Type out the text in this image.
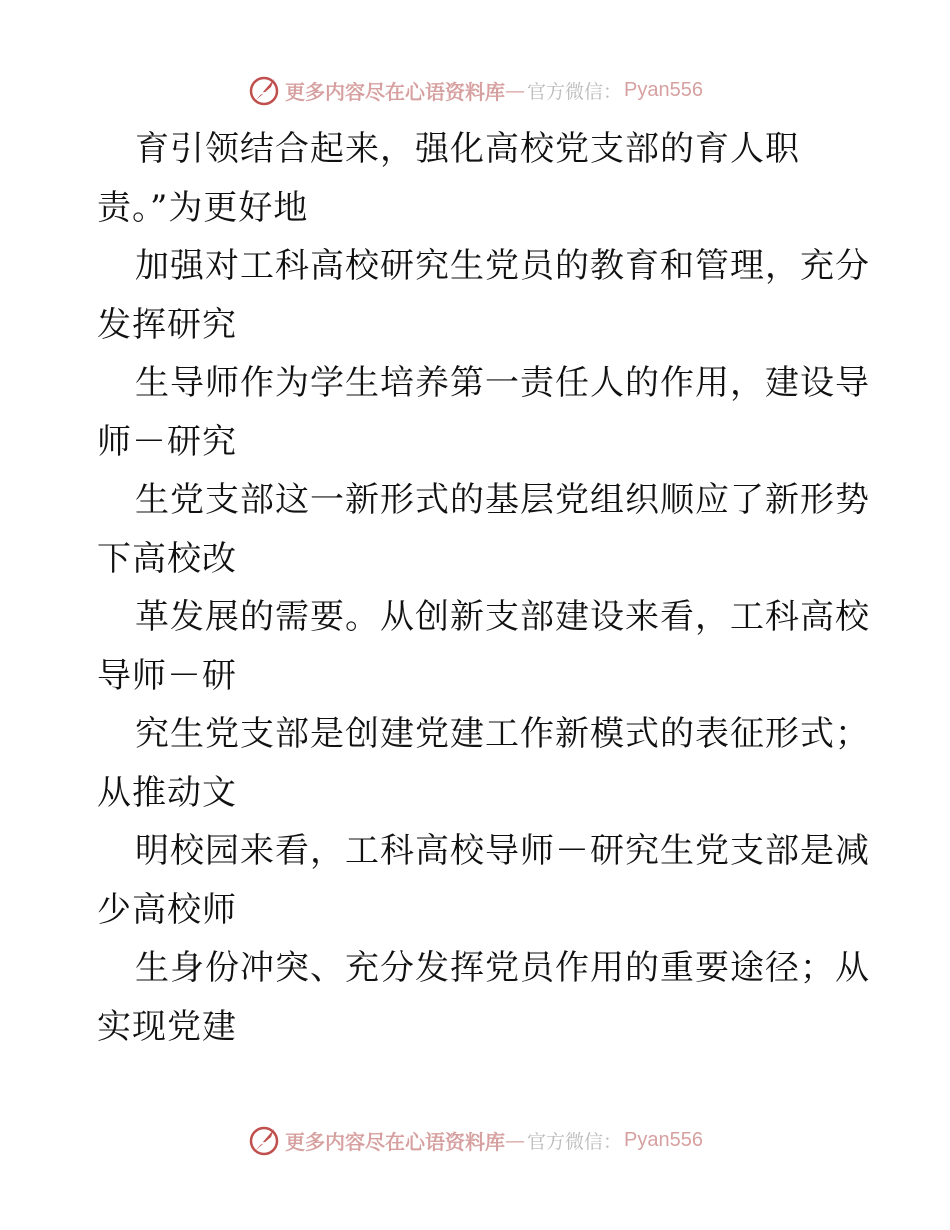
更多内容尽在心语资料库 — 官方微信： Pyan556
育引领结合起来，强化高校党支部的育人职
责。”为更好地
加强对工科高校研究生党员的教育和管理，充分
发挥研究
生导师作为学生培养第一责任人的作用，建设导
师－研究
生党支部这一新形式的基层党组织顺应了新形势
下高校改
革发展的需要。从创新支部建设来看，工科高校
导师－研
究生党支部是创建党建工作新模式的表征形式；
从推动文
明校园来看，工科高校导师－研究生党支部是减
少高校师
生身份冲突、充分发挥党员作用的重要途径；从
实现党建
更多内容尽在心语资料库 — 官方微信： Pyan556
